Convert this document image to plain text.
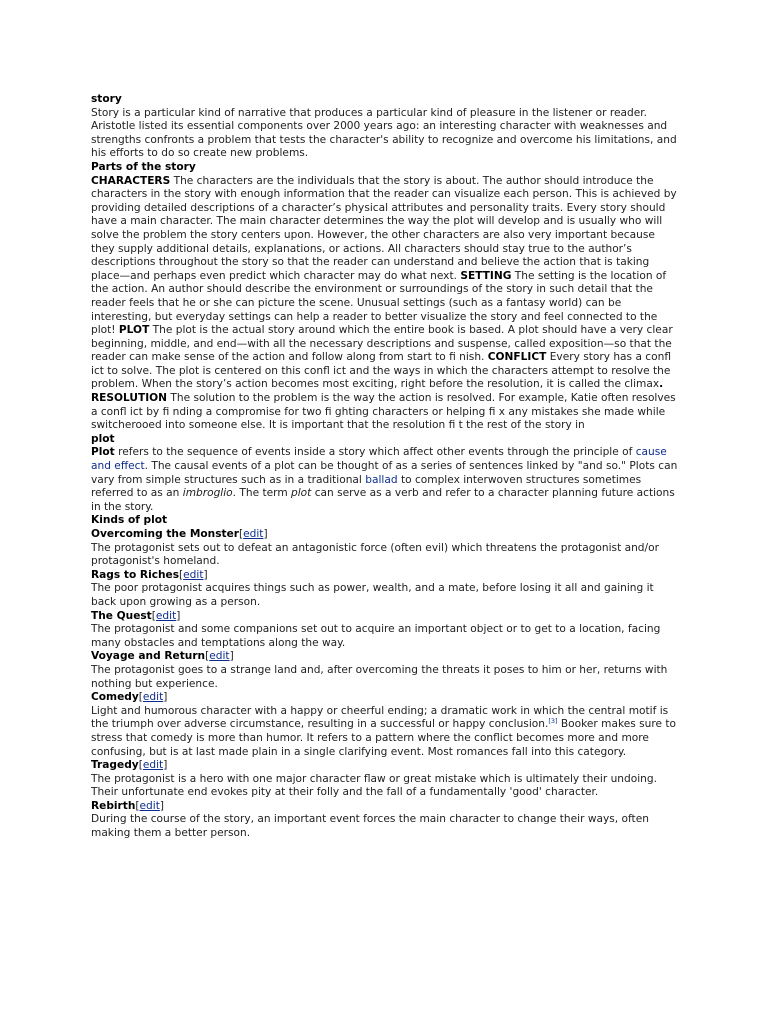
story

Story is a particular kind of narrative that produces a particular kind of pleasure in the listener or reader. Aristotle listed its essential components over 2000 years ago: an interesting character with weaknesses and strengths confronts a problem that tests the character's ability to recognize and overcome his limitations, and his efforts to do so create new problems.

Parts of the story

CHARACTERS The characters are the individuals that the story is about. The author should introduce the characters in the story with enough information that the reader can visualize each person. This is achieved by providing detailed descriptions of a character’s physical attributes and personality traits. Every story should have a main character. The main character determines the way the plot will develop and is usually who will solve the problem the story centers upon. However, the other characters are also very important because they supply additional details, explanations, or actions. All characters should stay true to the author’s descriptions throughout the story so that the reader can understand and believe the action that is taking place—and perhaps even predict which character may do what next. SETTING The setting is the location of the action. An author should describe the environment or surroundings of the story in such detail that the reader feels that he or she can picture the scene. Unusual settings (such as a fantasy world) can be interesting, but everyday settings can help a reader to better visualize the story and feel connected to the plot! PLOT The plot is the actual story around which the entire book is based. A plot should have a very clear beginning, middle, and end—with all the necessary descriptions and suspense, called exposition—so that the reader can make sense of the action and follow along from start to fi nish. CONFLICT Every story has a confl ict to solve. The plot is centered on this confl ict and the ways in which the characters attempt to resolve the problem. When the story’s action becomes most exciting, right before the resolution, it is called the climax. RESOLUTION The solution to the problem is the way the action is resolved. For example, Katie often resolves a confl ict by fi nding a compromise for two fi ghting characters or helping fi x any mistakes she made while switcherooed into someone else. It is important that the resolution fi t the rest of the story in

plot

Plot refers to the sequence of events inside a story which affect other events through the principle of cause and effect. The causal events of a plot can be thought of as a series of sentences linked by "and so." Plots can vary from simple structures such as in a traditional ballad to complex interwoven structures sometimes referred to as an imbroglio. The term plot can serve as a verb and refer to a character planning future actions in the story.

Kinds of plot

Overcoming the Monster[edit]

The protagonist sets out to defeat an antagonistic force (often evil) which threatens the protagonist and/or protagonist's homeland.

Rags to Riches[edit]

The poor protagonist acquires things such as power, wealth, and a mate, before losing it all and gaining it back upon growing as a person.

The Quest[edit]

The protagonist and some companions set out to acquire an important object or to get to a location, facing many obstacles and temptations along the way.

Voyage and Return[edit]

The protagonist goes to a strange land and, after overcoming the threats it poses to him or her, returns with nothing but experience.

Comedy[edit]

Light and humorous character with a happy or cheerful ending; a dramatic work in which the central motif is the triumph over adverse circumstance, resulting in a successful or happy conclusion.[3] Booker makes sure to stress that comedy is more than humor. It refers to a pattern where the conflict becomes more and more confusing, but is at last made plain in a single clarifying event. Most romances fall into this category.

Tragedy[edit]

The protagonist is a hero with one major character flaw or great mistake which is ultimately their undoing. Their unfortunate end evokes pity at their folly and the fall of a fundamentally 'good' character.

Rebirth[edit]

During the course of the story, an important event forces the main character to change their ways, often making them a better person.
